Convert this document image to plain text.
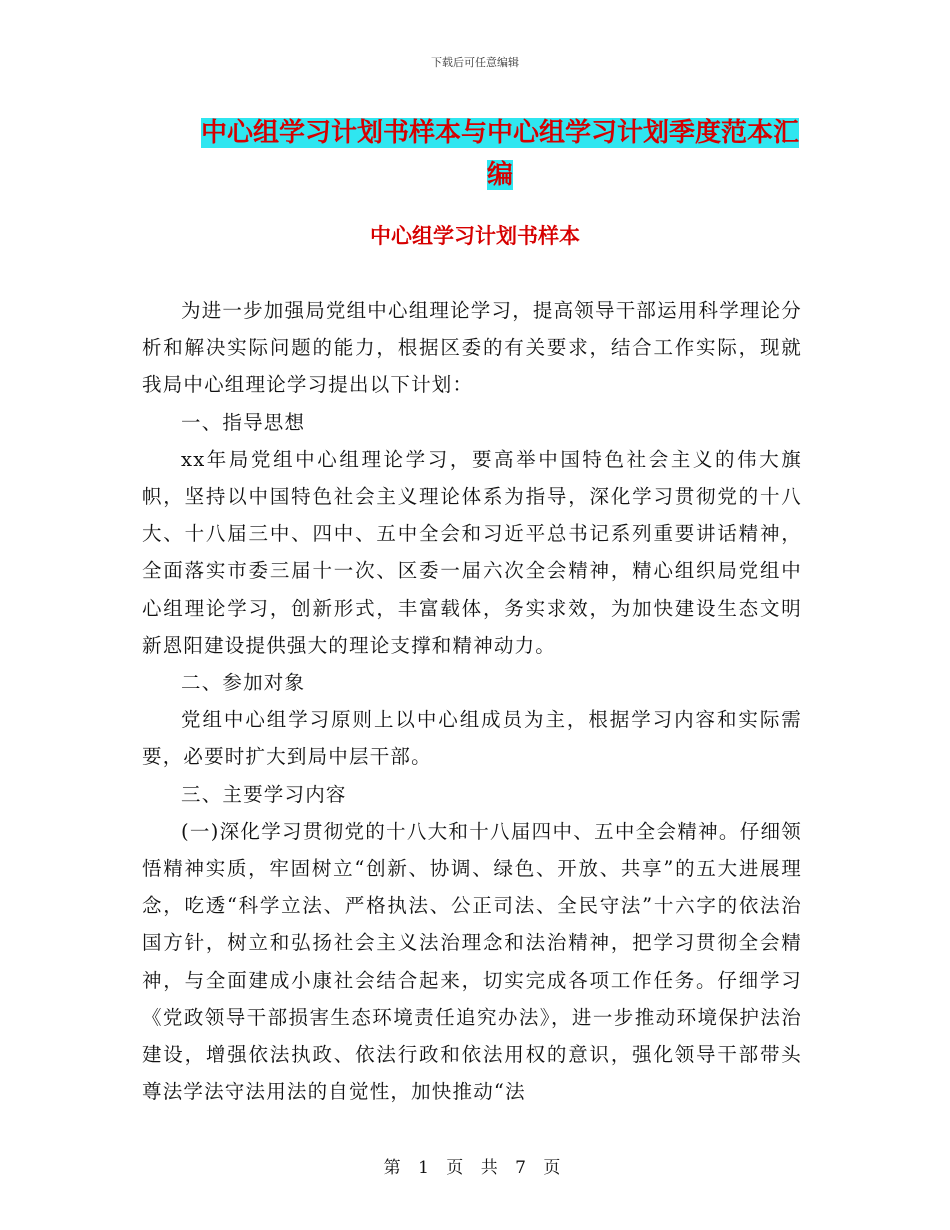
下载后可任意编辑
中心组学习计划书样本与中心组学习计划季度范本汇编
中心组学习计划书样本

为进一步加强局党组中心组理论学习，提高领导干部运用科学理论分析和解决实际问题的能力，根据区委的有关要求，结合工作实际，现就我局中心组理论学习提出以下计划：

一、指导思想

xx年局党组中心组理论学习，要高举中国特色社会主义的伟大旗帜，坚持以中国特色社会主义理论体系为指导，深化学习贯彻党的十八大、十八届三中、四中、五中全会和习近平总书记系列重要讲话精神，全面落实市委三届十一次、区委一届六次全会精神，精心组织局党组中心组理论学习，创新形式，丰富载体，务实求效，为加快建设生态文明新恩阳建设提供强大的理论支撑和精神动力。

二、参加对象

党组中心组学习原则上以中心组成员为主，根据学习内容和实际需要，必要时扩大到局中层干部。

三、主要学习内容

(一)深化学习贯彻党的十八大和十八届四中、五中全会精神。仔细领悟精神实质，牢固树立“创新、协调、绿色、开放、共享”的五大进展理念，吃透“科学立法、严格执法、公正司法、全民守法”十六字的依法治国方针，树立和弘扬社会主义法治理念和法治精神，把学习贯彻全会精神，与全面建成小康社会结合起来，切实完成各项工作任务。仔细学习《党政领导干部损害生态环境责任追究办法》，进一步推动环境保护法治建设，增强依法执政、依法行政和依法用权的意识，强化领导干部带头尊法学法守法用法的自觉性，加快推动“法

第 1 页 共 7 页
